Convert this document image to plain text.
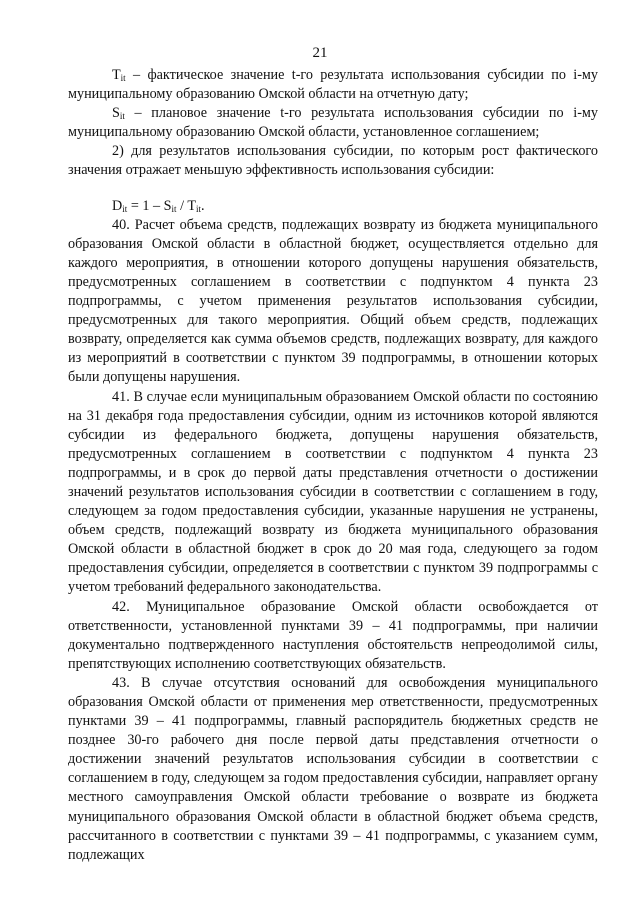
21

$T_{it}$ – фактическое значение t-го результата использования субсидии по i-му муниципальному образованию Омской области на отчетную дату;

$S_{it}$ – плановое значение t-го результата использования субсидии по i-му муниципальному образованию Омской области, установленное соглашением;

2) для результатов использования субсидии, по которым рост фактического значения отражает меньшую эффективность использования субсидии:

$D_{it} = 1 - S_{it} / T_{it}$.

40. Расчет объема средств, подлежащих возврату из бюджета муниципального образования Омской области в областной бюджет, осуществляется отдельно для каждого мероприятия, в отношении которого допущены нарушения обязательств, предусмотренных соглашением в соответствии с подпунктом 4 пункта 23 подпрограммы, с учетом применения результатов использования субсидии, предусмотренных для такого мероприятия. Общий объем средств, подлежащих возврату, определяется как сумма объемов средств, подлежащих возврату, для каждого из мероприятий в соответствии с пунктом 39 подпрограммы, в отношении которых были допущены нарушения.

41. В случае если муниципальным образованием Омской области по состоянию на 31 декабря года предоставления субсидии, одним из источников которой являются субсидии из федерального бюджета, допущены нарушения обязательств, предусмотренных соглашением в соответствии с подпунктом 4 пункта 23 подпрограммы, и в срок до первой даты представления отчетности о достижении значений результатов использования субсидии в соответствии с соглашением в году, следующем за годом предоставления субсидии, указанные нарушения не устранены, объем средств, подлежащий возврату из бюджета муниципального образования Омской области в областной бюджет в срок до 20 мая года, следующего за годом предоставления субсидии, определяется в соответствии с пунктом 39 подпрограммы с учетом требований федерального законодательства.

42. Муниципальное образование Омской области освобождается от ответственности, установленной пунктами 39 – 41 подпрограммы, при наличии документально подтвержденного наступления обстоятельств непреодолимой силы, препятствующих исполнению соответствующих обязательств.

43. В случае отсутствия оснований для освобождения муниципального образования Омской области от применения мер ответственности, предусмотренных пунктами 39 – 41 подпрограммы, главный распорядитель бюджетных средств не позднее 30-го рабочего дня после первой даты представления отчетности о достижении значений результатов использования субсидии в соответствии с соглашением в году, следующем за годом предоставления субсидии, направляет органу местного самоуправления Омской области требование о возврате из бюджета муниципального образования Омской области в областной бюджет объема средств, рассчитанного в соответствии с пунктами 39 – 41 подпрограммы, с указанием сумм, подлежащих
